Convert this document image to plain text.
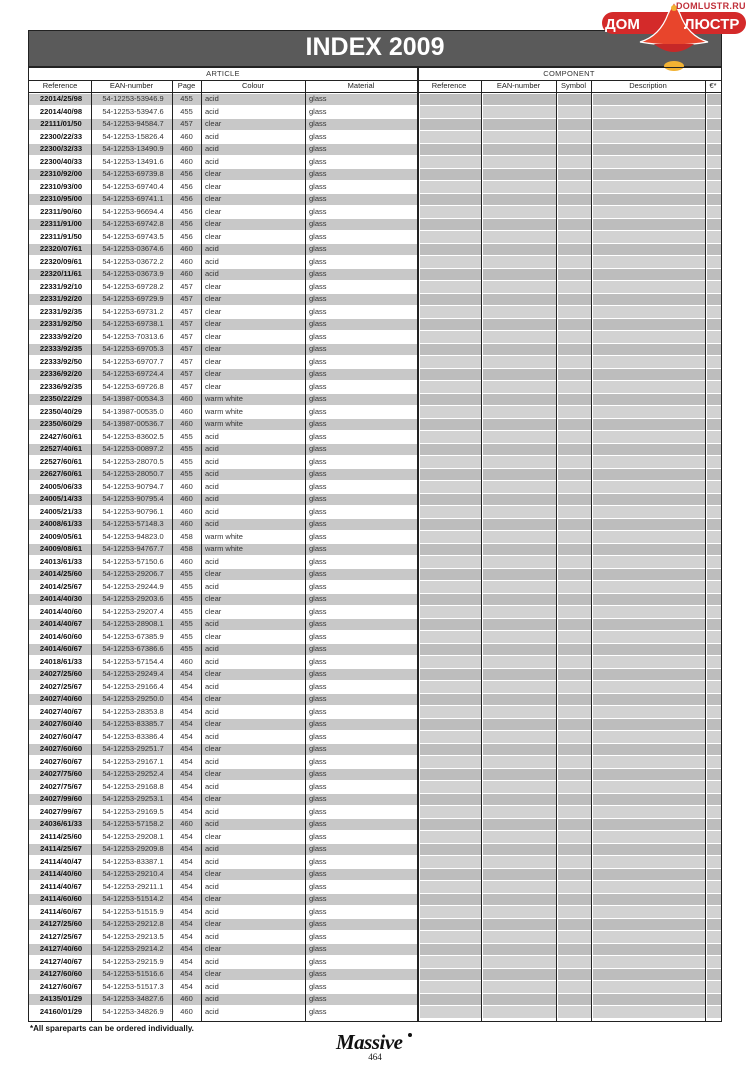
INDEX 2009
DOMLUSTR.RU
ДОМ	ЛЮСТР
ARTICLE	COMPONENT
Reference	EAN-number	Page	Colour	Material	Reference	EAN-number	Symbol	Description	€*
22014/25/98	54-12253-53946.9	455	acid	glass
22014/40/98	54-12253-53947.6	455	acid	glass
22111/01/50	54-12253-94584.7	457	clear	glass
22300/22/33	54-12253-15826.4	460	acid	glass
22300/32/33	54-12253-13490.9	460	acid	glass
22300/40/33	54-12253-13491.6	460	acid	glass
22310/92/00	54-12253-69739.8	456	clear	glass
22310/93/00	54-12253-69740.4	456	clear	glass
22310/95/00	54-12253-69741.1	456	clear	glass
22311/90/60	54-12253-96694.4	456	clear	glass
22311/91/00	54-12253-69742.8	456	clear	glass
22311/91/50	54-12253-69743.5	456	clear	glass
22320/07/61	54-12253-03674.6	460	acid	glass
22320/09/61	54-12253-03672.2	460	acid	glass
22320/11/61	54-12253-03673.9	460	acid	glass
22331/92/10	54-12253-69728.2	457	clear	glass
22331/92/20	54-12253-69729.9	457	clear	glass
22331/92/35	54-12253-69731.2	457	clear	glass
22331/92/50	54-12253-69738.1	457	clear	glass
22333/92/20	54-12253-70313.6	457	clear	glass
22333/92/35	54-12253-69705.3	457	clear	glass
22333/92/50	54-12253-69707.7	457	clear	glass
22336/92/20	54-12253-69724.4	457	clear	glass
22336/92/35	54-12253-69726.8	457	clear	glass
22350/22/29	54-13987-00534.3	460	warm white	glass
22350/40/29	54-13987-00535.0	460	warm white	glass
22350/60/29	54-13987-00536.7	460	warm white	glass
22427/60/61	54-12253-83602.5	455	acid	glass
22527/40/61	54-12253-00897.2	455	acid	glass
22527/60/61	54-12253-28070.5	455	acid	glass
22627/60/61	54-12253-28050.7	455	acid	glass
24005/06/33	54-12253-90794.7	460	acid	glass
24005/14/33	54-12253-90795.4	460	acid	glass
24005/21/33	54-12253-90796.1	460	acid	glass
24008/61/33	54-12253-57148.3	460	acid	glass
24009/05/61	54-12253-94823.0	458	warm white	glass
24009/08/61	54-12253-94767.7	458	warm white	glass
24013/61/33	54-12253-57150.6	460	acid	glass
24014/25/60	54-12253-29206.7	455	clear	glass
24014/25/67	54-12253-29244.9	455	acid	glass
24014/40/30	54-12253-29203.6	455	clear	glass
24014/40/60	54-12253-29207.4	455	clear	glass
24014/40/67	54-12253-28908.1	455	acid	glass
24014/60/60	54-12253-67385.9	455	clear	glass
24014/60/67	54-12253-67386.6	455	acid	glass
24018/61/33	54-12253-57154.4	460	acid	glass
24027/25/60	54-12253-29249.4	454	clear	glass
24027/25/67	54-12253-29166.4	454	acid	glass
24027/40/60	54-12253-29250.0	454	clear	glass
24027/40/67	54-12253-28353.8	454	acid	glass
24027/60/40	54-12253-83385.7	454	clear	glass
24027/60/47	54-12253-83386.4	454	acid	glass
24027/60/60	54-12253-29251.7	454	clear	glass
24027/60/67	54-12253-29167.1	454	acid	glass
24027/75/60	54-12253-29252.4	454	clear	glass
24027/75/67	54-12253-29168.8	454	acid	glass
24027/99/60	54-12253-29253.1	454	clear	glass
24027/99/67	54-12253-29169.5	454	acid	glass
24036/61/33	54-12253-57158.2	460	acid	glass
24114/25/60	54-12253-29208.1	454	clear	glass
24114/25/67	54-12253-29209.8	454	acid	glass
24114/40/47	54-12253-83387.1	454	acid	glass
24114/40/60	54-12253-29210.4	454	clear	glass
24114/40/67	54-12253-29211.1	454	acid	glass
24114/60/60	54-12253-51514.2	454	clear	glass
24114/60/67	54-12253-51515.9	454	acid	glass
24127/25/60	54-12253-29212.8	454	clear	glass
24127/25/67	54-12253-29213.5	454	acid	glass
24127/40/60	54-12253-29214.2	454	clear	glass
24127/40/67	54-12253-29215.9	454	acid	glass
24127/60/60	54-12253-51516.6	454	clear	glass
24127/60/67	54-12253-51517.3	454	acid	glass
24135/01/29	54-12253-34827.6	460	acid	glass
24160/01/29	54-12253-34826.9	460	acid	glass
*All spareparts can be ordered individually.
Massive
464
